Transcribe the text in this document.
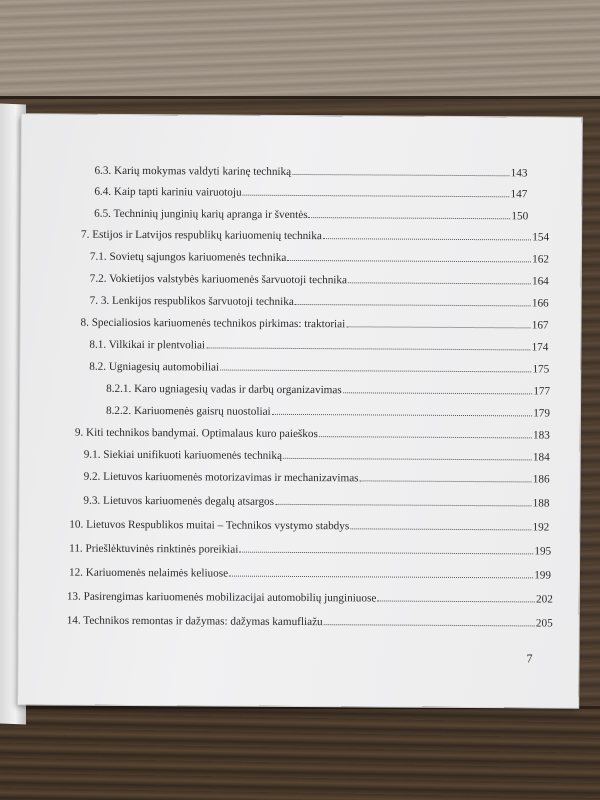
6.3. Karių mokymas valdyti karinę techniką	143
6.4. Kaip tapti kariniu vairuotoju	147
6.5. Techninių junginių karių apranga ir šventės	150
7. Estijos ir Latvijos respublikų kariuomenių technika	154
7.1. Sovietų sąjungos kariuomenės technika	162
7.2. Vokietijos valstybės kariuomenės šarvuotoji technika	164
7. 3. Lenkijos respublikos šarvuotoji technika	166
8. Specialiosios kariuomenės technikos pirkimas: traktoriai	167
8.1. Vilkikai ir plentvoliai	174
8.2. Ugniagesių automobiliai	175
8.2.1. Karo ugniagesių vadas ir darbų organizavimas	177
8.2.2. Kariuomenės gaisrų nuostoliai	179
9. Kiti technikos bandymai. Optimalaus kuro paieškos	183
9.1. Siekiai unifikuoti kariuomenės techniką	184
9.2. Lietuvos kariuomenės motorizavimas ir mechanizavimas	186
9.3. Lietuvos kariuomenės degalų atsargos	188
10. Lietuvos Respublikos muitai – Technikos vystymo stabdys	192
11. Priešlėktuvinės rinktinės poreikiai	195
12. Kariuomenės nelaimės keliuose	199
13. Pasirengimas kariuomenės mobilizacijai automobilių junginiuose	202
14. Technikos remontas ir dažymas: dažymas kamufliažu	205
7
